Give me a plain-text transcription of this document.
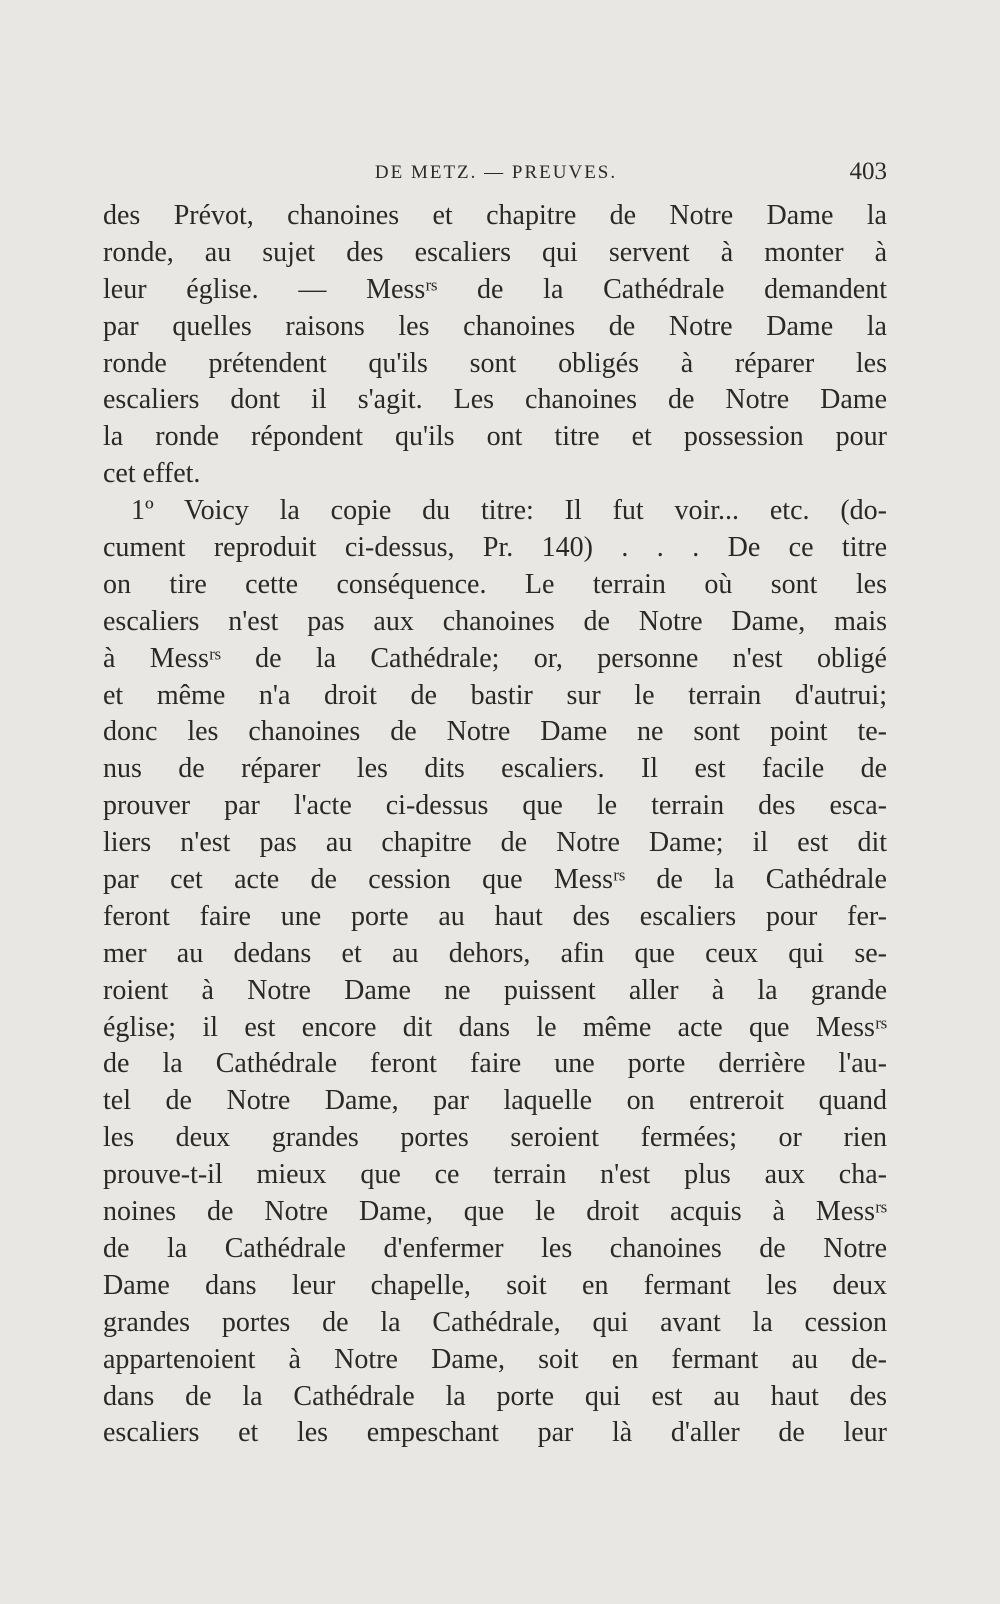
DE METZ. — PREUVES.	403
des Prévot, chanoines et chapitre de Notre Dame la
ronde, au sujet des escaliers qui servent à monter à
leur église. — Messʳˢ de la Cathédrale demandent
par quelles raisons les chanoines de Notre Dame la
ronde prétendent qu'ils sont obligés à réparer les
escaliers dont il s'agit. Les chanoines de Notre Dame
la ronde répondent qu'ils ont titre et possession pour
cet effet.
1º Voicy la copie du titre: Il fut voir... etc. (do-
cument reproduit ci-dessus, Pr. 140) . . . De ce titre
on tire cette conséquence. Le terrain où sont les
escaliers n'est pas aux chanoines de Notre Dame, mais
à Messʳˢ de la Cathédrale; or, personne n'est obligé
et même n'a droit de bastir sur le terrain d'autrui;
donc les chanoines de Notre Dame ne sont point te-
nus de réparer les dits escaliers. Il est facile de
prouver par l'acte ci-dessus que le terrain des esca-
liers n'est pas au chapitre de Notre Dame; il est dit
par cet acte de cession que Messʳˢ de la Cathédrale
feront faire une porte au haut des escaliers pour fer-
mer au dedans et au dehors, afin que ceux qui se-
roient à Notre Dame ne puissent aller à la grande
église; il est encore dit dans le même acte que Messʳˢ
de la Cathédrale feront faire une porte derrière l'au-
tel de Notre Dame, par laquelle on entreroit quand
les deux grandes portes seroient fermées; or rien
prouve-t-il mieux que ce terrain n'est plus aux cha-
noines de Notre Dame, que le droit acquis à Messʳˢ
de la Cathédrale d'enfermer les chanoines de Notre
Dame dans leur chapelle, soit en fermant les deux
grandes portes de la Cathédrale, qui avant la cession
appartenoient à Notre Dame, soit en fermant au de-
dans de la Cathédrale la porte qui est au haut des
escaliers et les empeschant par là d'aller de leur
